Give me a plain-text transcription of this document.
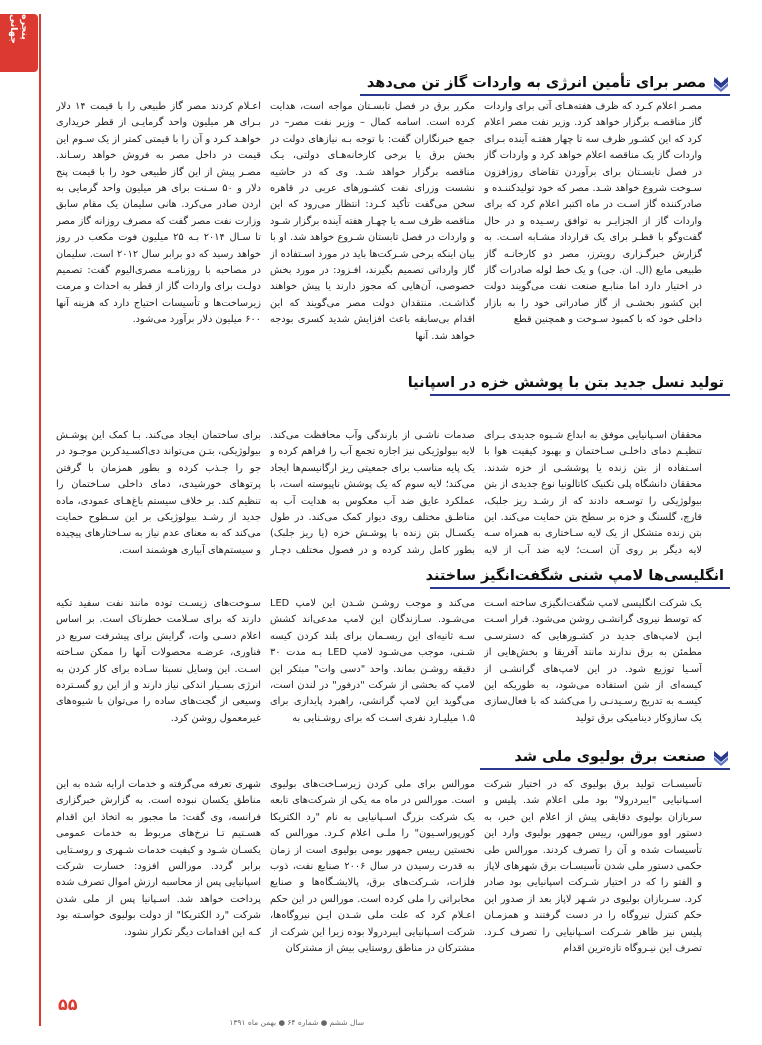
پنجره جهانی
مصر برای تأمین انرژی به واردات گاز تن می‌دهد
مصـر اعلام کـرد که ظرف هفته‌هـای آتی برای واردات گاز مناقصـه برگزار خواهد کرد. وزیر نفت مصر اعلام کرد که این کشـور ظرف سه تا چهار هفتـه آینده بـرای واردات گاز یک مناقصه اعلام خواهد کرد و واردات گاز در فصل تابسـتان برای برآوردن تقاضای روزافزون سـوخت شروع خواهد شـد. مصر که خود تولیدکننـده و صادرکننده گاز اسـت در ماه اکتبر اعلام کرد که برای واردات گاز از الجزایـر به توافق رسـیده و در حال گفت‌وگو با قطـر برای یک قرارداد مشـابه اسـت. به گزارش خبرگـزاری رویترز، مصر دو کارخانـه گاز طبیعی مایع (ال. ان. جی) و یک خط لوله صادرات گاز در اختیار دارد اما منابـع صنعت نفت می‌گویند دولت این کشور بخشـی از گاز صادراتی خود را به بازار داخلی خود که با کمبود سـوخت و همچنین قطع
مکرر برق در فصل تابسـتان مواجه است، هدایت کرده است. اسامه کمال – وزیر نفت مصر– در جمع خبرنگاران گفت: با توجه بـه نیازهای دولت در بخش برق یا برخی کارخانه‌هـای دولتی، یـک مناقصه برگزار خواهد شـد. وی که در حاشیه نشست وزرای نفت کشـورهای عربی در قاهره سخن می‌گفت تأکید کـرد: انتظار می‌رود که این مناقصه ظرف سـه یا چهـار هفته آینده برگزار شـود و واردات در فصل تابستان شـروع خواهد شد. او با بیان اینکه برخی شـرکت‌ها باید در مورد اسـتفاده از گاز وارداتی تصمیم بگیرند، افـزود: در مورد بخش خصوصی، آن‌هایی که مجوز دارند یا پیش خواهند گذاشـت. منتقدان دولت مصر می‌گویند که این اقدام بی‌سابقه باعث افزایش شدید کسری بودجه خواهد شد. آنها
اعـلام کردند مصر گاز طبیعی را با قیمت ۱۴ دلار بـرای هر میلیون واحد گرمایـی از قطر خریداری خواهـد کـرد و آن را با قیمتی کمتر از یک سـوم این قیمت در داخل مصر به فروش خواهد رسـاند. مصـر پیش از این گاز طبیعی خود را با قیمت پنج دلار و ۵۰ سـنت برای هر میلیون واحد گرمایی به اردن صادر می‌کرد. هانی سلیمان یک مقام سابق وزارت نفت مصر گفت که مصرف روزانه گاز مصر تا سـال ۲۰۱۴ بـه ۲۵ میلیون فوت مکعب در روز خواهد رسید که دو برابر سال ۲۰۱۲ است. سلیمان در مصاحبه با روزنامـه مصری‌الیوم گفت: تصمیم دولـت برای واردات گاز از قطر به احداث و مرمت زیرساخت‌ها و تأسیسات احتیاج دارد که هزینه آنها ۶۰۰ میلیون دلار برآورد می‌شود.
تولید نسل جدید بتن با پوشش خزه در اسپانیا
محققان اسـپانیایی موفق به ابداع شـیوه جدیدی بـرای تنظیـم دمای داخلـی سـاختمان و بهبود کیفیت هوا با اسـتفاده از بتن زنده یا پوششـی از خزه شدند. محققان دانشگاه پلی تکنیک کاتالونیا نوع جدیدی از بتن بیولوژیکی را توسـعه دادند که از رشـد ریز جلبک، قارچ، گلسنگ و خزه بر سطح بتن حمایت می‌کند. این بتن زنده متشکل از یک لایه سـاختاری به همراه سـه لایه دیگر بر روی آن اسـت؛ لایه ضد آب از لایه
صدمات ناشـی از بارندگی وآب محافظت می‌کند. لایه بیولوژیکی نیز اجازه تجمع آب را فراهم کرده و یک پایه مناسب برای جمعیتی ریز ارگانیسم‌ها ایجاد می‌کند؛ لایه سوم که یک پوشش ناپیوسته است، با عملکرد عایق ضد آب معکوس به هدایت آب به مناطـق مختلف روی دیوار کمک می‌کند. در طول یکسـال بتن زنده با پوشـش خزه (یا ریز جلبک) بطور کامل رشد کرده و در فصول مختلف دچـار
برای ساختمان ایجاد می‌کند. بـا کمک این پوشـش بیولوژیکی، بتـن می‌تواند دی‌اکسـیدکربن موجـود در جو را جـذب کرده و بطور همزمان با گرفتن پرتوهای خورشیدی، دمای داخلی سـاختمان را تنظیم کند. بر خلاف سیستم باغ‌هـای عمودی، ماده جدید از رشـد بیولوژیکی بر این سـطوح حمایت می‌کند که به معنای عدم نیاز به سـاختارهای پیچیده و سیستم‌های آبیاری هوشمند است.
انگلیسی‌ها لامپ شنی شگفت‌انگیز ساختند
یک شرکت انگلیسی لامپ شگفت‌انگیزی ساخته اسـت که توسط نیروی گرانشـی روشن می‌شود. قرار اسـت ایـن لامپ‌های جدید در کشـورهایی که دسترسـی مطمئن به برق ندارند مانند آفریقا و بخش‌هایی از آسـیا توزیع شود. در این لامپ‌های گرانشـی از کیسه‌ای از شن استفاده می‌شود، به طوریکه این کیسـه به تدریج رسـیدنـی را می‌کشد که با فعال‌سازی یک سازوکار دینامیکی برق تولید
می‌کند و موجب روشـن شـدن این لامپ LED می‌شـود. سـازندگان این لامپ مدعی‌اند کشش سـه ثانیه‌ای این ریسـمان برای بلند کردن کیسه شـنی، موجب می‌شـود لامپ LED بـه مدت ۳۰ دقیقه روشـن بماند. واحد "دسی وات" مبتکر این لامپ که بخشی از شرکت "درفور" در لندن است، می‌گوید این لامپ گرانشی، راهبرد پایداری برای ۱.۵ میلیـارد نفری اسـت که برای روشـنایی به
سـوخت‌های زیسـت توده مانند نفت سفید تکیه دارند که برای سـلامت خطرناک است. بر اساس اعلام دسـی وات، گرایش برای پیشرفت سریع در فناوری، عرضـه محصولات آنها را ممکن سـاخته اسـت. این وسایل نسبتا سـاده برای کار کردن به انرژی بسـیار اندکی نیاز دارند و از این رو گسـترده وسیعی از گجت‌های ساده را می‌توان با شیوه‌های غیرمعمول روشن کرد.
صنعت برق بولیوی ملی شد
تأسیسـات تولید برق بولیوی که در اختیار شرکت اسـپانیایی "ایبردرولا" بود ملی اعلام شد. پلیس و سربازان بولیوی دقایقی پیش از اعلام این خبر، به دستور اوو مورالس، رییس جمهور بولیوی وارد این تأسیسات شده و آن را تصرف کردند. مورالس طی حکمی دستور ملی شدن تأسیسـات برق شهرهای لاپاز و الفتو را که در اختیار شـرکت اسپانیایی بود صادر کرد. سـربازان بولیوی در شـهر لاپاز بعد از صدور این حکم کنترل نیروگاه را در دست گرفتند و همزمـان پلیس نیز ظاهر شـرکت اسـپانیایی را تصرف کـرد. تصرف این نیـروگاه تازه‌ترین اقدام
مورالس برای ملی کردن زیرسـاخت‌های بولیوی است. مورالس در ماه مه یکی از شرکت‌های تابعه یک شرکت بزرگ اسـپانیایی به نام "رد الکتریکا کورپوراسـیون" را ملـی اعلام کـرد. مورالس که نخستین رییس جمهور بومی بولیوی است از زمان به قدرت رسیدن در سال ۲۰۰۶ صنایع نفت، ذوب فلزات، شـرکت‌های برق، پالایشـگاه‌ها و صنایع مخابراتی را ملی کرده است. مورالس در این حکم اعـلام کرد که علت ملی شـدن ایـن نیروگاه‌ها، شرکت اسـپانیایی ایبردرولا بوده زیرا این شرکت از مشترکان در مناطق روستایی بیش از مشترکان
شهری تعرفه می‌گرفته و خدمات ارایه شده به این مناطق یکسان نبوده است. به گزارش خبرگزاری فرانسه، وی گفت: ما مجبور به اتخاذ این اقدام هسـتیم تـا نرخ‌های مربوط به خدمات عمومی یکسـان شـود و کیفیت خدمات شـهری و روسـتایی برابر گردد. مورالس افزود: خسارت شرکت اسپانیایی پس از محاسبه ارزش اموال تصرف شده پرداخت خواهد شد. اسـپانیا پس از ملی شدن شرکت "رد الکتریکا" از دولت بولیوی خواسـته بود کـه این اقدامات دیگر تکرار نشود.
۵۵
سال ششم ● شماره ۶۴ ● بهمن ماه ۱۳۹۱
